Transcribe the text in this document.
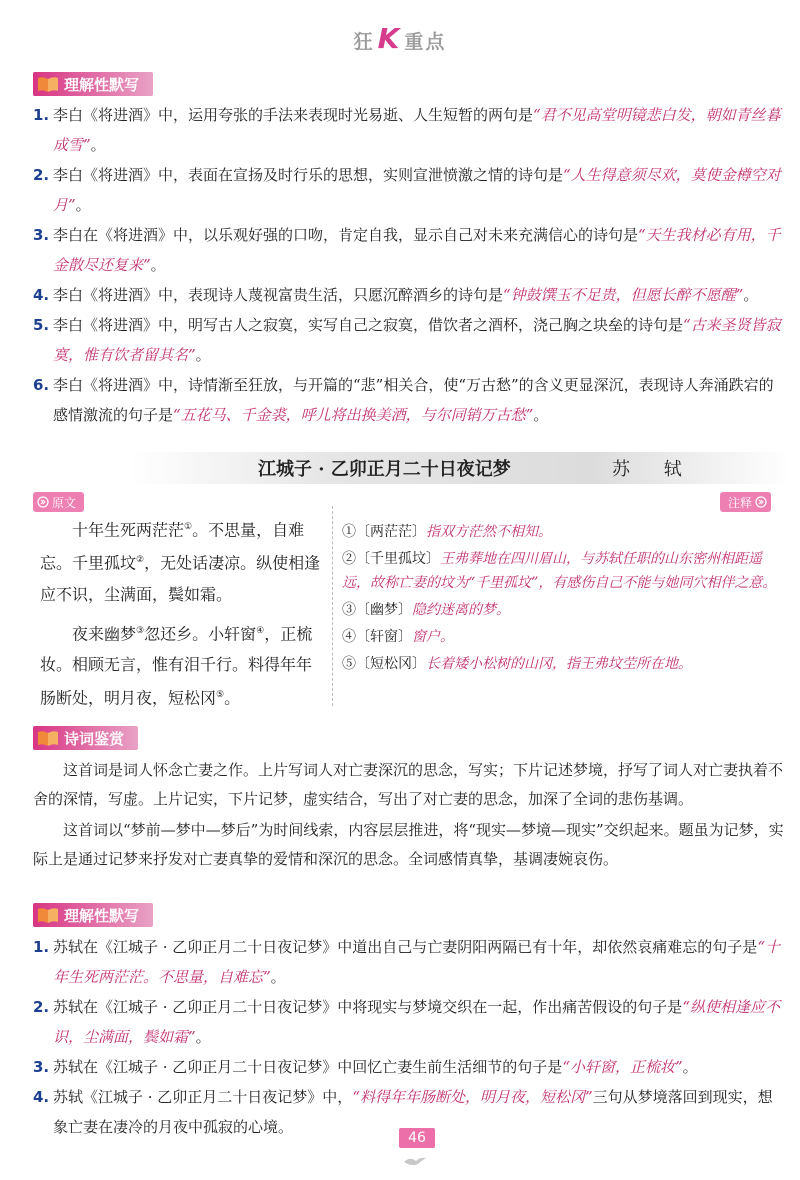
狂 K 重点
理解性默写
1. 李白《将进酒》中，运用夸张的手法来表现时光易逝、人生短暂的两句是“君不见高堂明镜悲白发，朝如青丝暮成雪”。
2. 李白《将进酒》中，表面在宣扬及时行乐的思想，实则宣泄愤激之情的诗句是“人生得意须尽欢，莫使金樽空对月”。
3. 李白在《将进酒》中，以乐观好强的口吻，肯定自我，显示自己对未来充满信心的诗句是“天生我材必有用，千金散尽还复来”。
4. 李白《将进酒》中，表现诗人蔑视富贵生活，只愿沉醉酒乡的诗句是“钟鼓馔玉不足贵，但愿长醉不愿醒”。
5. 李白《将进酒》中，明写古人之寂寞，实写自己之寂寞，借饮者之酒杯，浇己胸之块垒的诗句是“古来圣贤皆寂寞，惟有饮者留其名”。
6. 李白《将进酒》中，诗情渐至狂放，与开篇的“悲”相关合，使“万古愁”的含义更显深沉，表现诗人奔涌跌宕的感情激流的句子是“五花马、千金裘，呼儿将出换美酒，与尔同销万古愁”。
江城子 · 乙卯正月二十日夜记梦	苏 轼
原文	注释

十年生死两茫茫①。不思量，自难忘。千里孤坟②，无处话凄凉。纵使相逢应不识，尘满面，鬓如霜。

夜来幽梦③忽还乡。小轩窗④，正梳妆。相顾无言，惟有泪千行。料得年年肠断处，明月夜，短松冈⑤。

①〔两茫茫〕指双方茫然不相知。
②〔千里孤坟〕王弗葬地在四川眉山，与苏轼任职的山东密州相距遥远，故称亡妻的坟为“千里孤坟”，有感伤自己不能与她同穴相伴之意。
③〔幽梦〕隐约迷离的梦。
④〔轩窗〕窗户。
⑤〔短松冈〕长着矮小松树的山冈，指王弗坟茔所在地。
诗词鉴赏

这首词是词人怀念亡妻之作。上片写词人对亡妻深沉的思念，写实；下片记述梦境，抒写了词人对亡妻执着不舍的深情，写虚。上片记实，下片记梦，虚实结合，写出了对亡妻的思念，加深了全词的悲伤基调。

这首词以“梦前—梦中—梦后”为时间线索，内容层层推进，将“现实—梦境—现实”交织起来。题虽为记梦，实际上是通过记梦来抒发对亡妻真挚的爱情和深沉的思念。全词感情真挚，基调凄婉哀伤。

理解性默写
1. 苏轼在《江城子 · 乙卯正月二十日夜记梦》中道出自己与亡妻阴阳两隔已有十年，却依然哀痛难忘的句子是“十年生死两茫茫。不思量，自难忘”。
2. 苏轼在《江城子 · 乙卯正月二十日夜记梦》中将现实与梦境交织在一起，作出痛苦假设的句子是“纵使相逢应不识，尘满面，鬓如霜”。
3. 苏轼在《江城子 · 乙卯正月二十日夜记梦》中回忆亡妻生前生活细节的句子是“小轩窗，正梳妆”。
4. 苏轼《江城子 · 乙卯正月二十日夜记梦》中，“料得年年肠断处，明月夜，短松冈”三句从梦境落回到现实，想象亡妻在凄冷的月夜中孤寂的心境。
46
